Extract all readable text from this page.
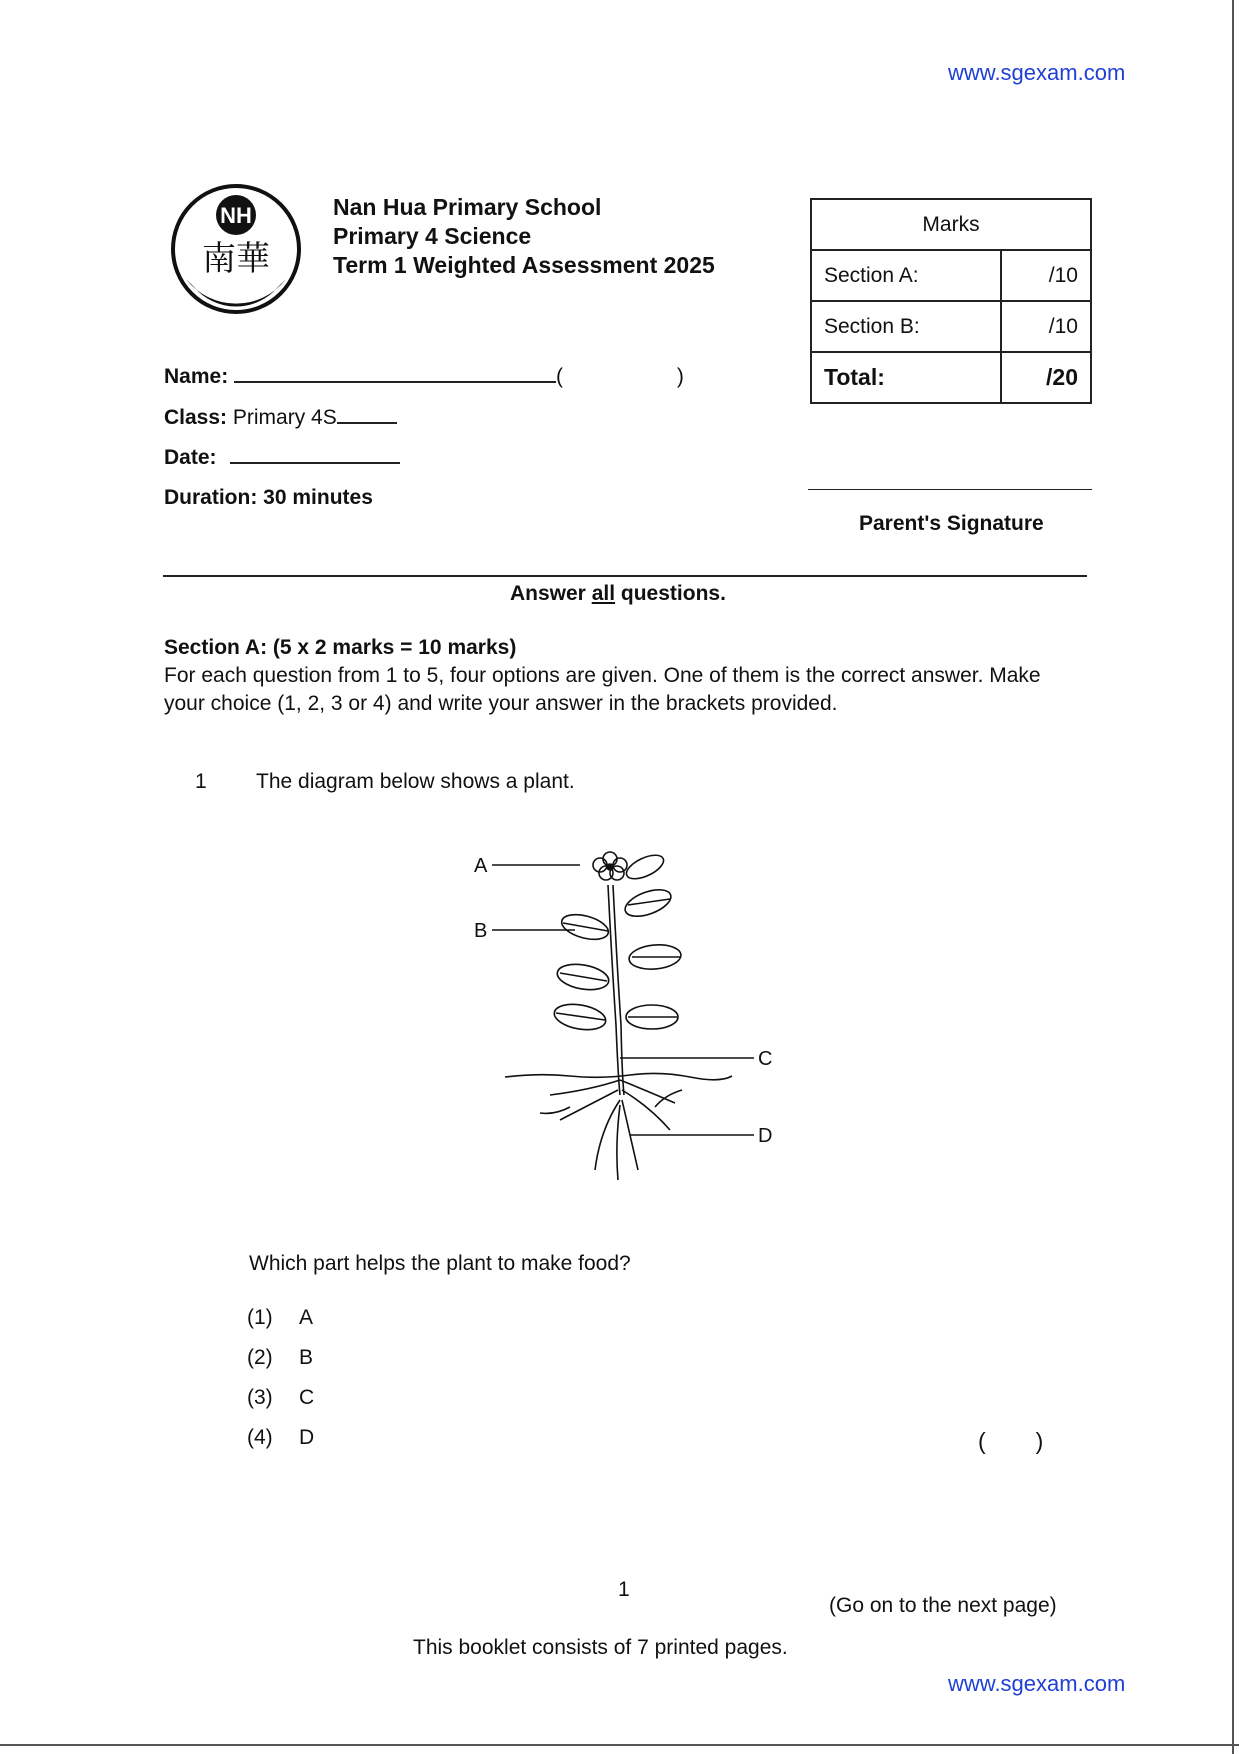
www.sgexam.com
NH
南華
Nan Hua Primary School
Primary 4 Science
Term 1 Weighted Assessment 2025
Marks	
Section A:	/10
Section B:	/10
Total:	/20
Name:	(	)
Class: Primary 4S
Date:
Duration: 30 minutes
Parent's Signature
Answer all questions.
Section A: (5 x 2 marks = 10 marks)
For each question from 1 to 5, four options are given. One of them is the correct answer. Make
your choice (1, 2, 3 or 4) and write your answer in the brackets provided.
1 The diagram below shows a plant.
A
B
C
D
Which part helps the plant to make food?
(1) A
(2) B
(3) C
(4) D	( )
1
(Go on to the next page)
This booklet consists of 7 printed pages.
www.sgexam.com
